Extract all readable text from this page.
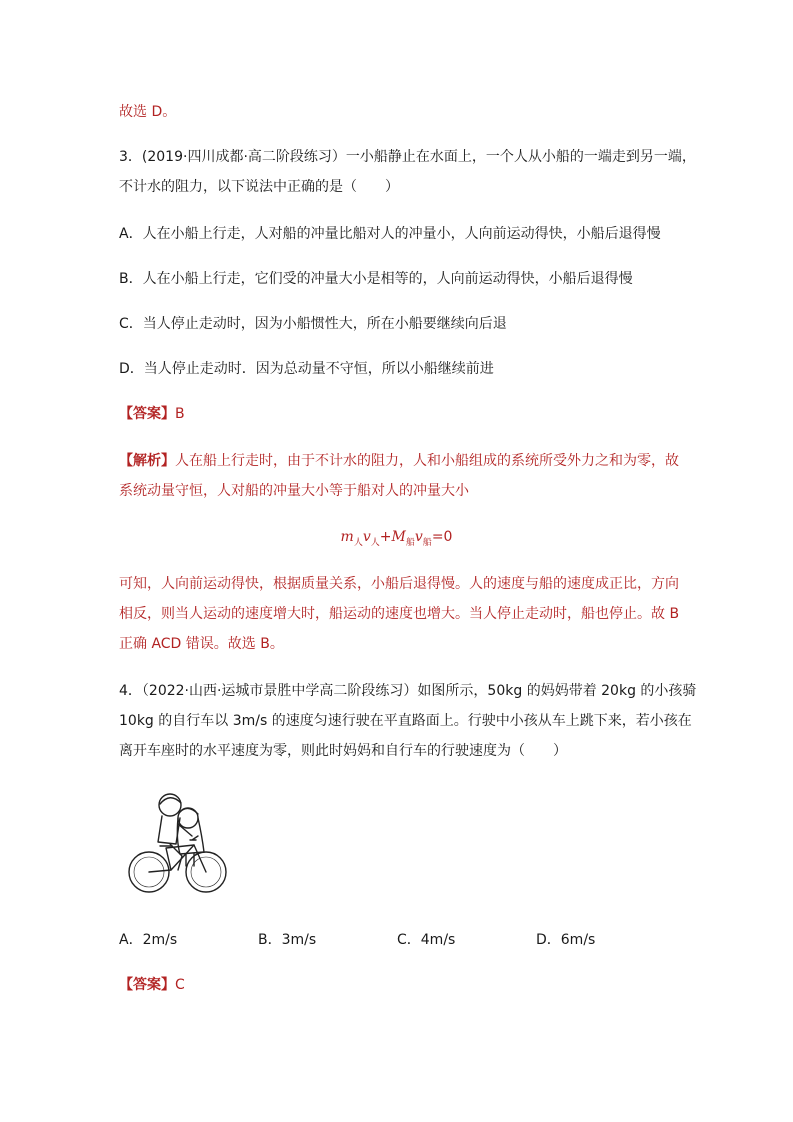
故选 D。
3．(2019·四川成都·高二阶段练习）一小船静止在水面上，一个人从小船的一端走到另一端，
不计水的阻力，以下说法中正确的是（　　）
A．人在小船上行走，人对船的冲量比船对人的冲量小，人向前运动得快，小船后退得慢
B．人在小船上行走，它们受的冲量大小是相等的，人向前运动得快，小船后退得慢
C．当人停止走动时，因为小船惯性大，所在小船要继续向后退
D．当人停止走动时．因为总动量不守恒，所以小船继续前进
【答案】B
【解析】人在船上行走时，由于不计水的阻力，人和小船组成的系统所受外力之和为零，故
系统动量守恒，人对船的冲量大小等于船对人的冲量大小
$m_人v_人+M_船v_船=0$
可知，人向前运动得快，根据质量关系，小船后退得慢。人的速度与船的速度成正比，方向
相反，则当人运动的速度增大时，船运动的速度也增大。当人停止走动时，船也停止。故 B
正确 ACD 错误。故选 B。
4．（2022·山西·运城市景胜中学高二阶段练习）如图所示，50kg 的妈妈带着 20kg 的小孩骑
10kg 的自行车以 3m/s 的速度匀速行驶在平直路面上。行驶中小孩从车上跳下来，若小孩在
离开车座时的水平速度为零，则此时妈妈和自行车的行驶速度为（　　）
A．2m/s	B．3m/s	C．4m/s	D．6m/s
【答案】C
